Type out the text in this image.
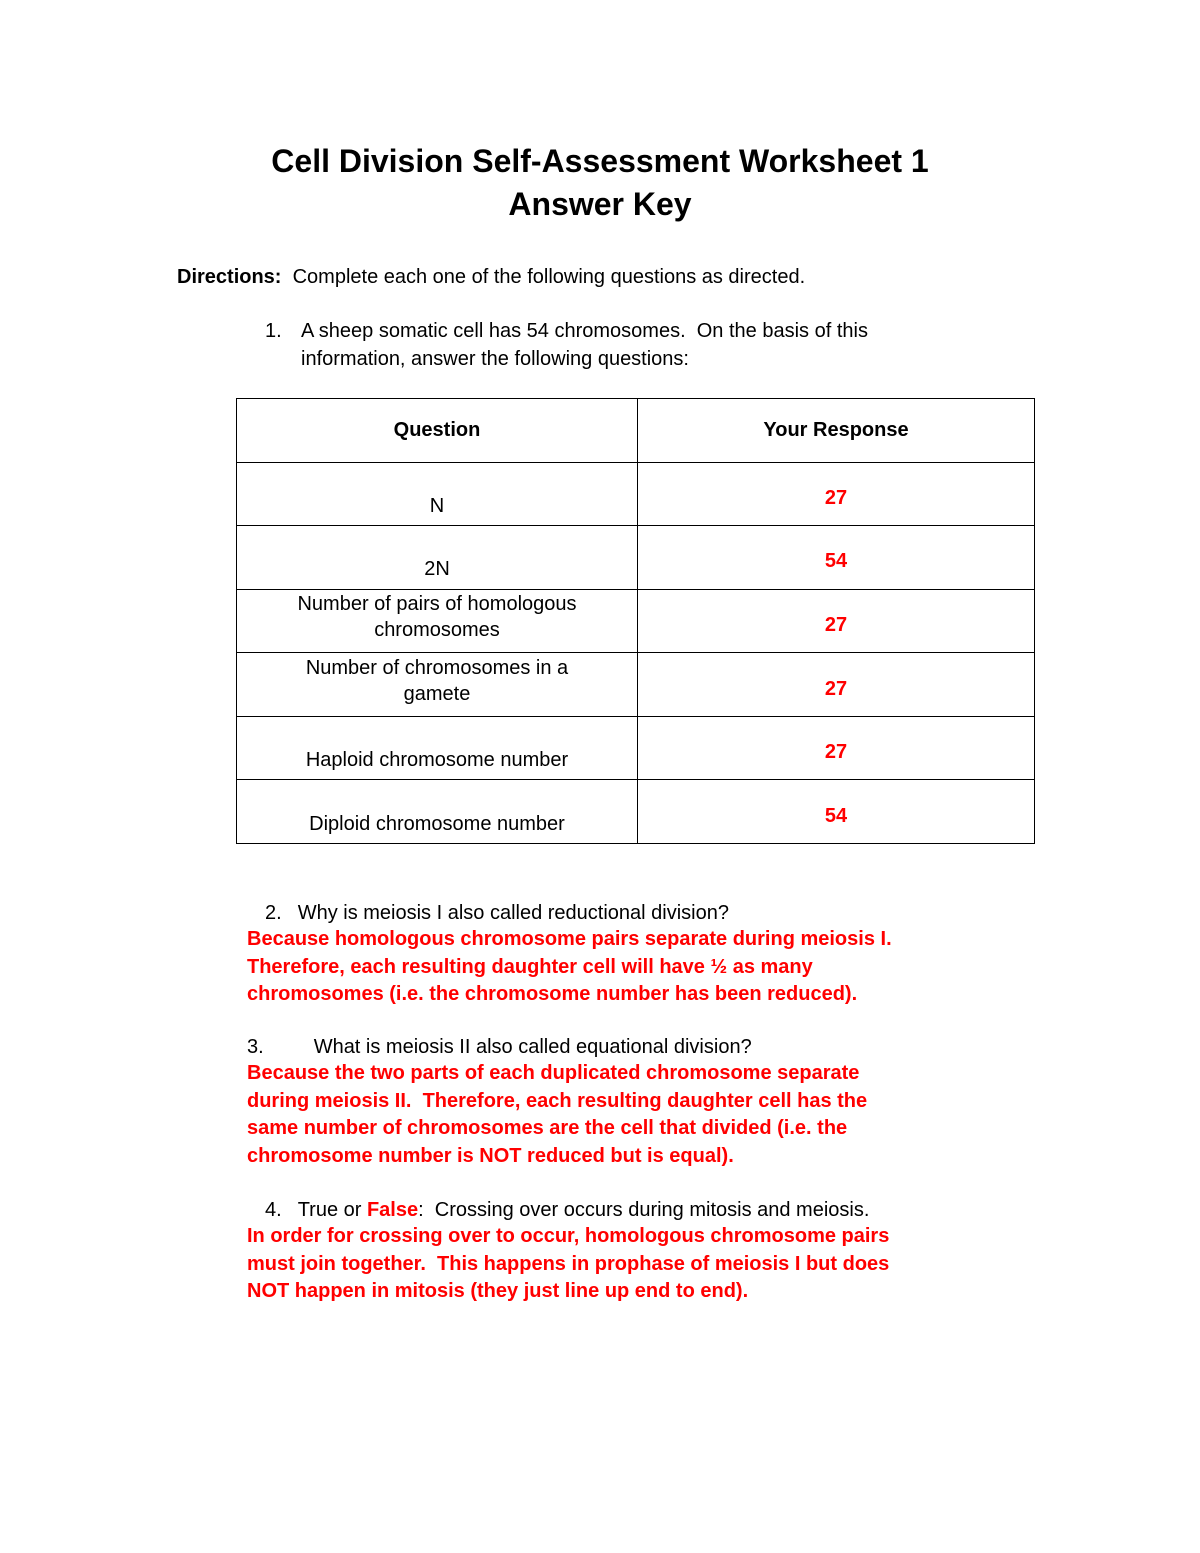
Cell Division Self-Assessment Worksheet 1
Answer Key
Directions: Complete each one of the following questions as directed.
1. A sheep somatic cell has 54 chromosomes.  On the basis of this
information, answer the following questions:
Question	Your Response
N	27
2N	54
Number of pairs of homologous
chromosomes	27
Number of chromosomes in a
gamete	27
Haploid chromosome number	27
Diploid chromosome number	54
2. Why is meiosis I also called reductional division?
Because homologous chromosome pairs separate during meiosis I.
Therefore, each resulting daughter cell will have ½ as many
chromosomes (i.e. the chromosome number has been reduced).
3.	What is meiosis II also called equational division?
Because the two parts of each duplicated chromosome separate
during meiosis II.  Therefore, each resulting daughter cell has the
same number of chromosomes are the cell that divided (i.e. the
chromosome number is NOT reduced but is equal).
4. True or False:  Crossing over occurs during mitosis and meiosis.
In order for crossing over to occur, homologous chromosome pairs
must join together.  This happens in prophase of meiosis I but does
NOT happen in mitosis (they just line up end to end).
